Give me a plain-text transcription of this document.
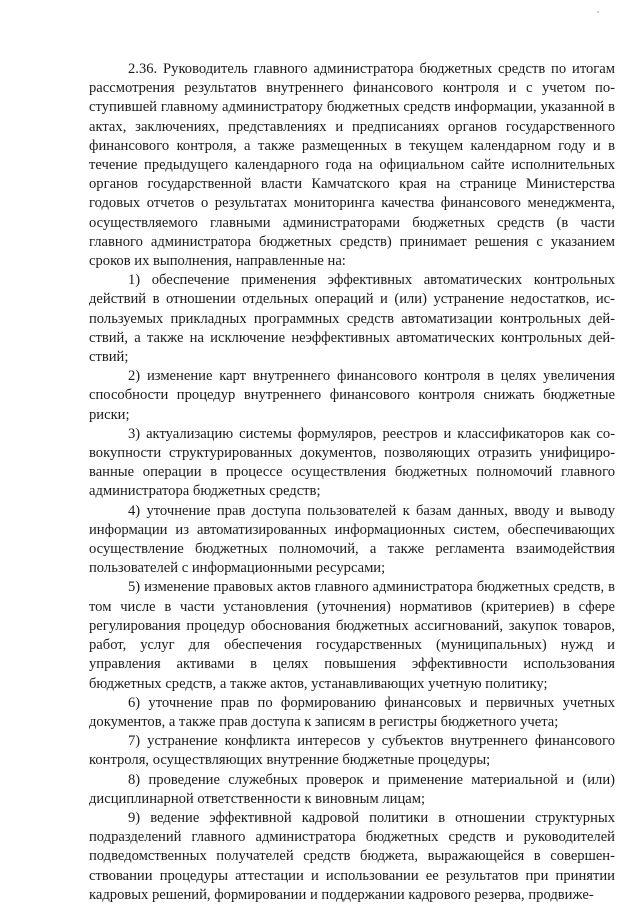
2.36. Руководитель главного администратора бюджетных средств по итогам рассмотрения результатов внутреннего финансового контроля и с учетом поступившей главному администратору бюджетных средств информации, указанной в актах, заключениях, представлениях и предписаниях органов государственного финансового контроля, а также размещенных в текущем календарном году и в течение предыдущего календарного года на официальном сайте исполнительных органов государственной власти Камчатского края на странице Министерства годовых отчетов о результатах мониторинга качества финансового менеджмента, осуществляемого главными администраторами бюджетных средств (в части главного администратора бюджетных средств) принимает решения с указанием сроков их выполнения, направленные на:

1) обеспечение применения эффективных автоматических контрольных действий в отношении отдельных операций и (или) устранение недостатков, используемых прикладных программных средств автоматизации контрольных действий, а также на исключение неэффективных автоматических контрольных действий;

2) изменение карт внутреннего финансового контроля в целях увеличения способности процедур внутреннего финансового контроля снижать бюджетные риски;

3) актуализацию системы формуляров, реестров и классификаторов как совокупности структурированных документов, позволяющих отразить унифицированные операции в процессе осуществления бюджетных полномочий главного администратора бюджетных средств;

4) уточнение прав доступа пользователей к базам данных, вводу и выводу информации из автоматизированных информационных систем, обеспечивающих осуществление бюджетных полномочий, а также регламента взаимодействия пользователей с информационными ресурсами;

5) изменение правовых актов главного администратора бюджетных средств, в том числе в части установления (уточнения) нормативов (критериев) в сфере регулирования процедур обоснования бюджетных ассигнований, закупок товаров, работ, услуг для обеспечения государственных (муниципальных) нужд и управления активами в целях повышения эффективности использования бюджетных средств, а также актов, устанавливающих учетную политику;

6) уточнение прав по формированию финансовых и первичных учетных документов, а также прав доступа к записям в регистры бюджетного учета;

7) устранение конфликта интересов у субъектов внутреннего финансового контроля, осуществляющих внутренние бюджетные процедуры;

8) проведение служебных проверок и применение материальной и (или) дисциплинарной ответственности к виновным лицам;

9) ведение эффективной кадровой политики в отношении структурных подразделений главного администратора бюджетных средств и руководителей подведомственных получателей средств бюджета, выражающейся в совершенствовании процедуры аттестации и использовании ее результатов при принятии кадровых решений, формировании и поддержании кадрового резерва, продвиже-
